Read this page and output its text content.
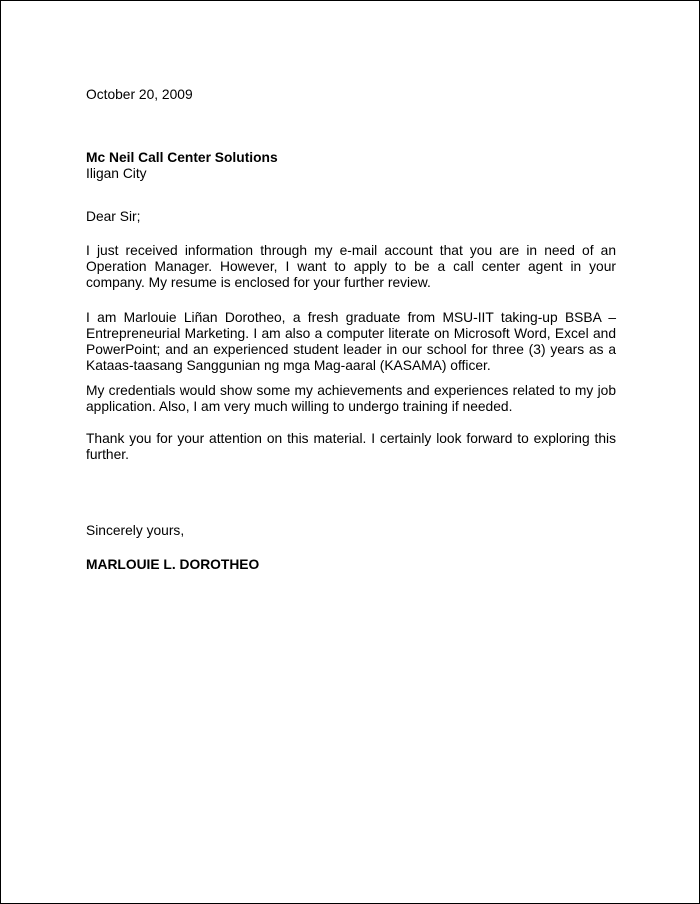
October 20, 2009

Mc Neil Call Center Solutions

Iligan City

Dear Sir;

I just received information through my e-mail account that you are in need of an Operation Manager. However, I want to apply to be a call center agent in your company. My resume is enclosed for your further review.

I am Marlouie Liñan Dorotheo, a fresh graduate from MSU-IIT taking-up BSBA – Entrepreneurial Marketing. I am also a computer literate on Microsoft Word, Excel and PowerPoint; and an experienced student leader in our school for three (3) years as a Kataas-taasang Sanggunian ng mga Mag-aaral (KASAMA) officer.

My credentials would show some my achievements and experiences related to my job application. Also, I am very much willing to undergo training if needed.

Thank you for your attention on this material. I certainly look forward to exploring this further.

Sincerely yours,

MARLOUIE L. DOROTHEO
